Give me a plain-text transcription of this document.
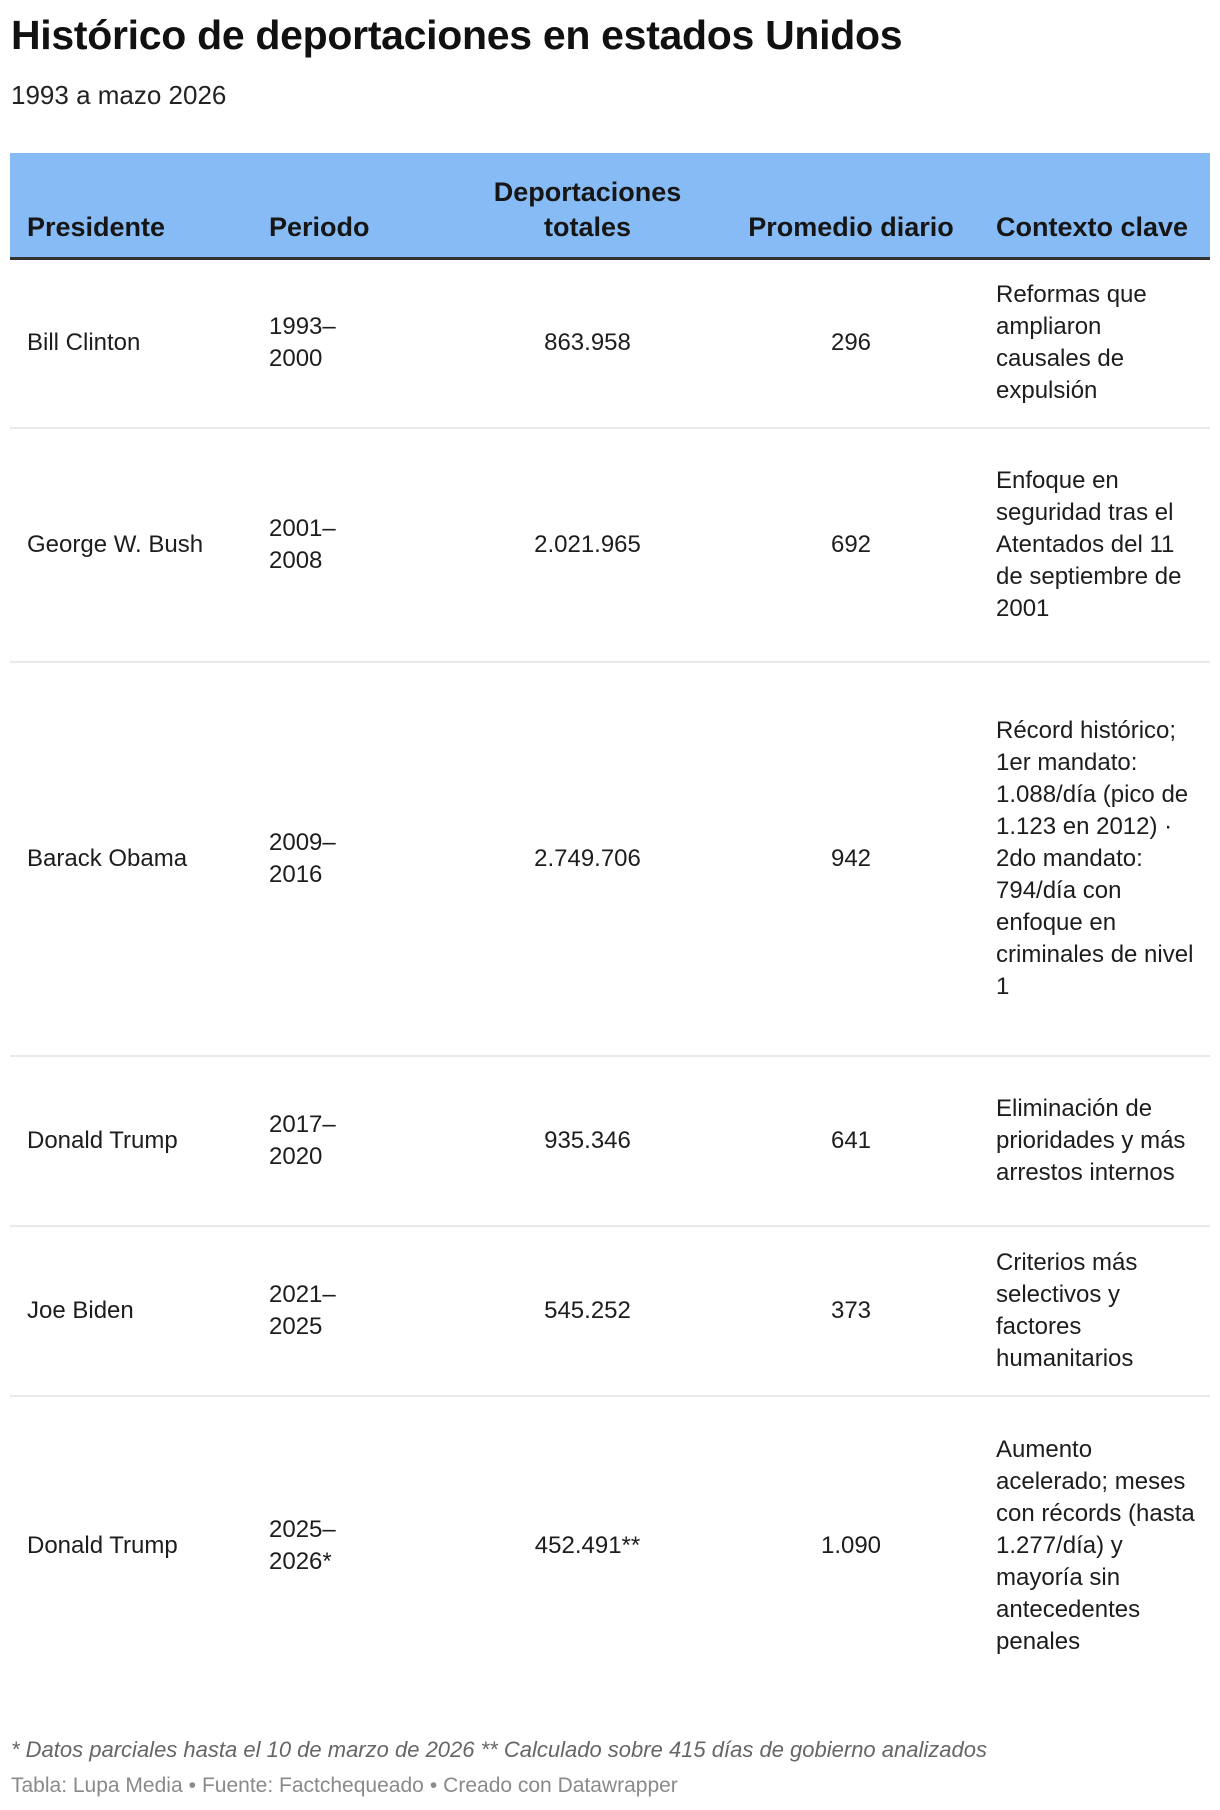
Histórico de deportaciones en estados Unidos
1993 a mazo 2026
Presidente	Periodo	Deportaciones totales	Promedio diario	Contexto clave
Bill Clinton	1993–2000	863.958	296	Reformas que ampliaron causales de expulsión
George W. Bush	2001–2008	2.021.965	692	Enfoque en seguridad tras el Atentados del 11 de septiembre de 2001
Barack Obama	2009–2016	2.749.706	942	Récord histórico; 1er mandato: 1.088/día (pico de 1.123 en 2012) · 2do mandato: 794/día con enfoque en criminales de nivel 1
Donald Trump	2017–2020	935.346	641	Eliminación de prioridades y más arrestos internos
Joe Biden	2021–2025	545.252	373	Criterios más selectivos y factores humanitarios
Donald Trump	2025–2026*	452.491**	1.090	Aumento acelerado; meses con récords (hasta 1.277/día) y mayoría sin antecedentes penales
* Datos parciales hasta el 10 de marzo de 2026 ** Calculado sobre 415 días de gobierno analizados
Tabla: Lupa Media • Fuente: Factchequeado • Creado con Datawrapper
